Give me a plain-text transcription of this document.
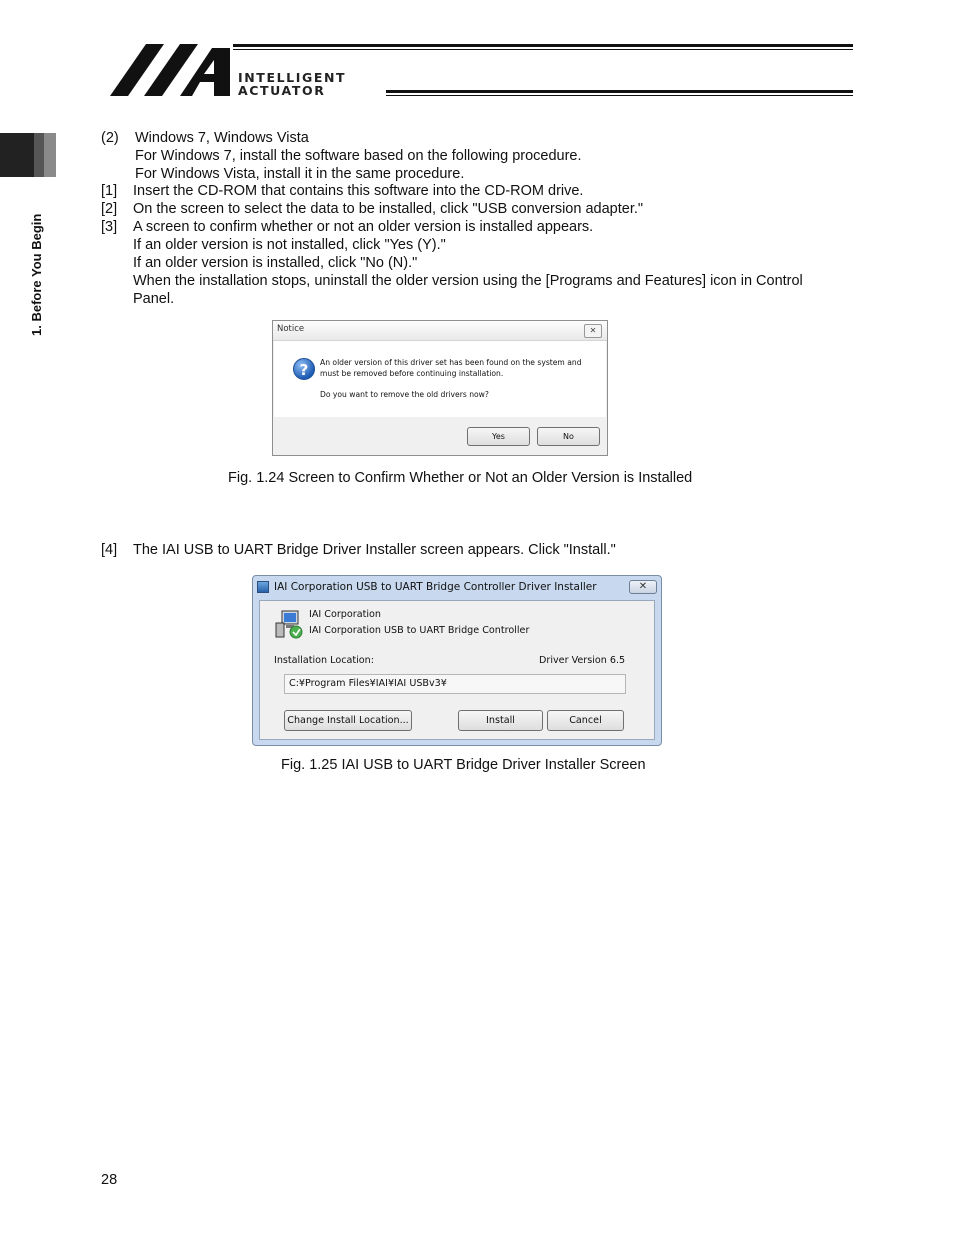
INTELLIGENT
ACTUATOR
1. Before You Begin
(2) Windows 7, Windows Vista
For Windows 7, install the software based on the following procedure.
For Windows Vista, install it in the same procedure.
[1] Insert the CD-ROM that contains this software into the CD-ROM drive.
[2] On the screen to select the data to be installed, click "USB conversion adapter."
[3] A screen to confirm whether or not an older version is installed appears.
If an older version is not installed, click "Yes (Y)."
If an older version is installed, click "No (N)."
When the installation stops, uninstall the older version using the [Programs and Features] icon in Control
Panel.
Notice	✕
?	An older version of this driver set has been found on the system and
must be removed before continuing installation.
Do you want to remove the old drivers now?
Yes	No
Fig. 1.24 Screen to Confirm Whether or Not an Older Version is Installed
[4] The IAI USB to UART Bridge Driver Installer screen appears. Click "Install."
IAI Corporation USB to UART Bridge Controller Driver Installer	✕
IAI Corporation
IAI Corporation USB to UART Bridge Controller
Installation Location:	Driver Version 6.5
C:¥Program Files¥IAI¥IAI USBv3¥
Change Install Location...	Install	Cancel
Fig. 1.25 IAI USB to UART Bridge Driver Installer Screen
28
